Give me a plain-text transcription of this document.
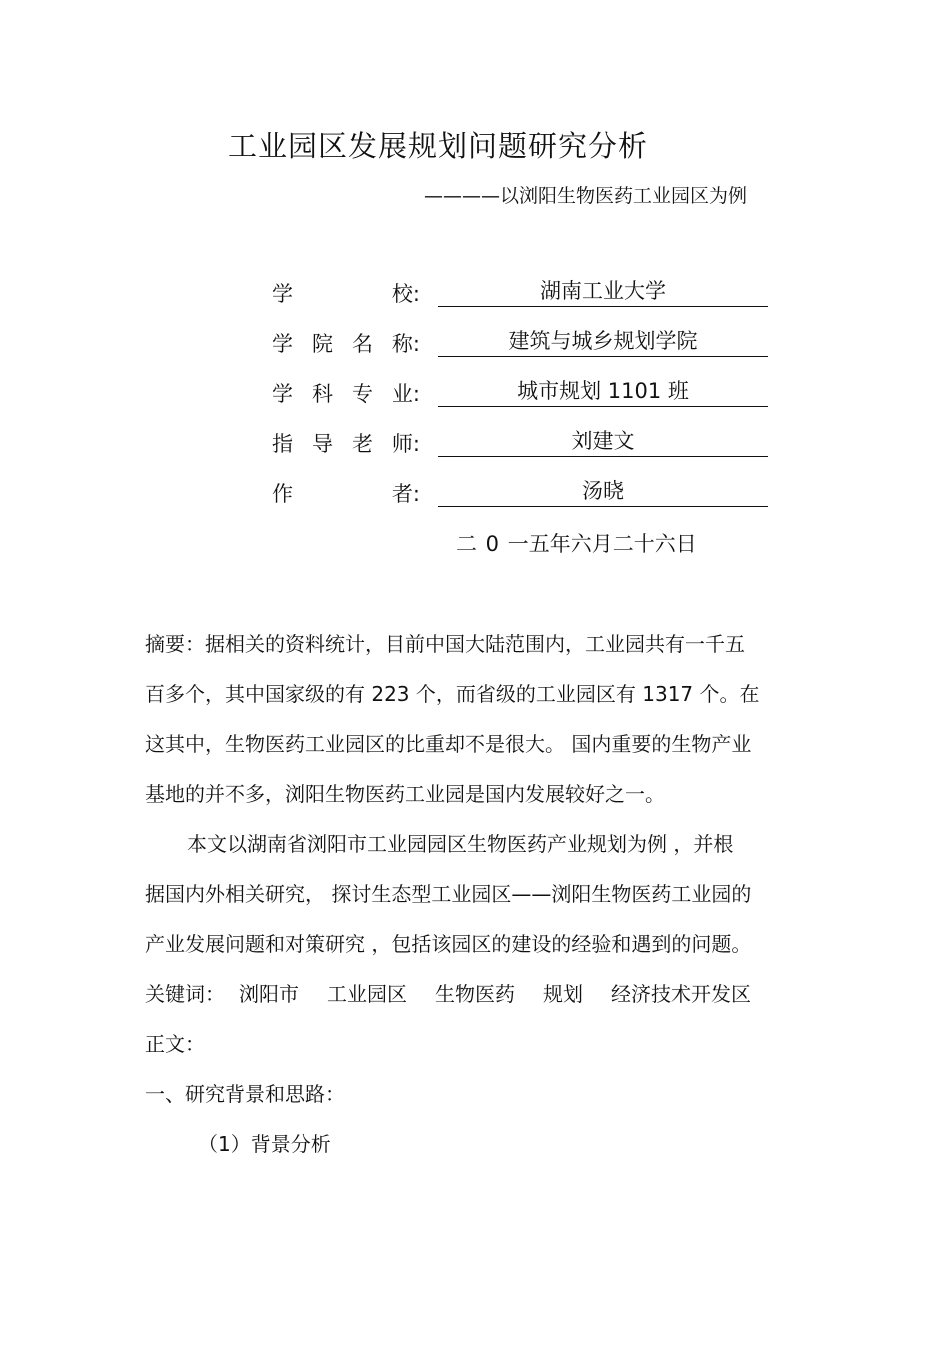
工业园区发展规划问题研究分析
————以浏阳生物医药工业园区为例
学	校:	湖南工业大学
学 院 名 称:	建筑与城乡规划学院
学 科 专 业:	城市规划 1101 班
指 导 老 师:	刘建文
作	者:	汤晓
二 0 一五年六月二十六日
摘要：据相关的资料统计，目前中国大陆范围内，工业园共有一千五
百多个，其中国家级的有 223 个，而省级的工业园区有 1317 个。在
这其中，生物医药工业园区的比重却不是很大。 国内重要的生物产业
基地的并不多，浏阳生物医药工业园是国内发展较好之一。
本文以湖南省浏阳市工业园园区生物医药产业规划为例 ，并根
据国内外相关研究， 探讨生态型工业园区——浏阳生物医药工业园的
产业发展问题和对策研究 ，包括该园区的建设的经验和遇到的问题。
关键词： 浏阳市 工业园区 生物医药 规划 经济技术开发区
正文：
一、研究背景和思路：
（1）背景分析
